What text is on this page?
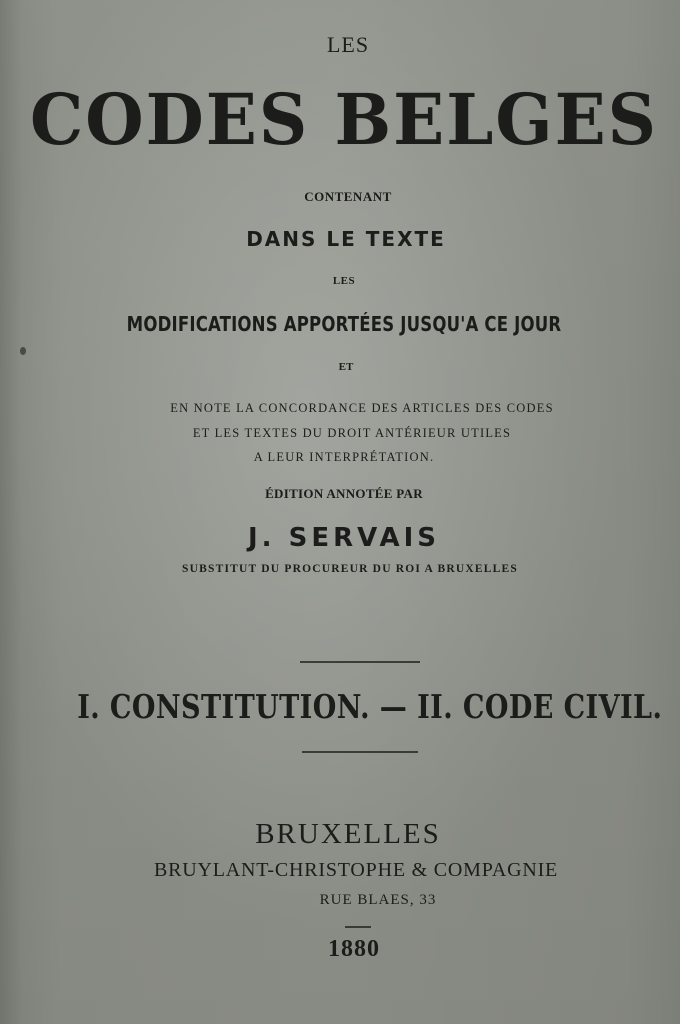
LES
CODES BELGES
CONTENANT
DANS LE TEXTE
LES
MODIFICATIONS APPORTÉES JUSQU'A CE JOUR
ET
EN NOTE LA CONCORDANCE DES ARTICLES DES CODES
ET LES TEXTES DU DROIT ANTÉRIEUR UTILES
A LEUR INTERPRÉTATION.
ÉDITION ANNOTÉE PAR
J. SERVAIS
SUBSTITUT DU PROCUREUR DU ROI A BRUXELLES
I. CONSTITUTION. — II. CODE CIVIL.
BRUXELLES
BRUYLANT-CHRISTOPHE & COMPAGNIE
RUE BLAES, 33
1880
